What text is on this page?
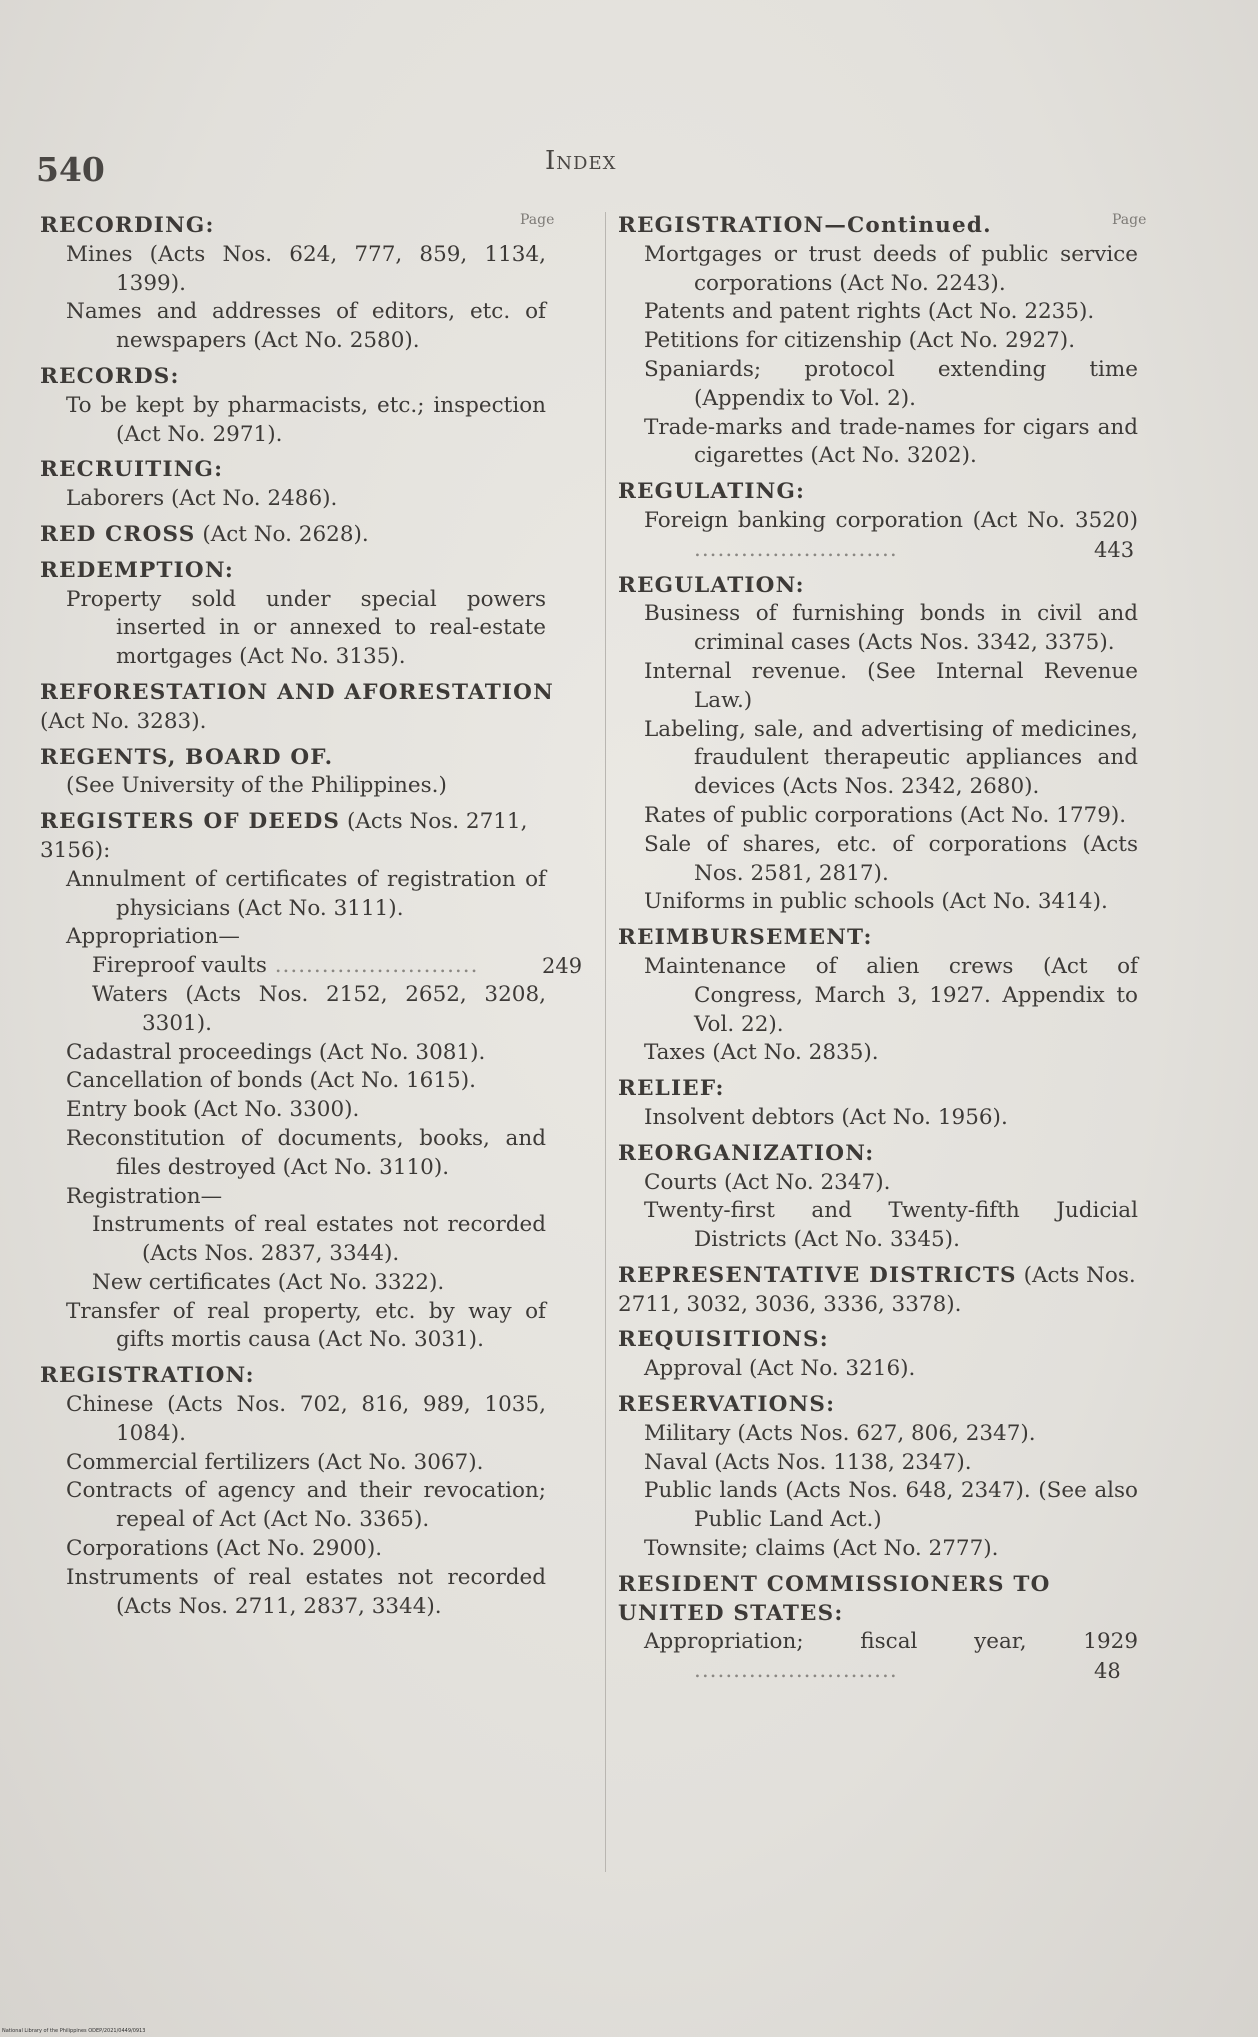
540	Index
Page	Page
RECORDING:
Mines (Acts Nos. 624, 777, 859, 1134, 1399).
Names and addresses of editors, etc. of newspapers (Act No. 2580).
RECORDS:
To be kept by pharmacists, etc.; inspection (Act No. 2971).
RECRUITING:
Laborers (Act No. 2486).
RED CROSS (Act No. 2628).
REDEMPTION:
Property sold under special powers inserted in or annexed to real-estate mortgages (Act No. 3135).
REFORESTATION AND AFORESTATION (Act No. 3283).
REGENTS, BOARD OF.
(See University of the Philippines.)
REGISTERS OF DEEDS (Acts Nos. 2711, 3156):
Annulment of certificates of registration of physicians (Act No. 3111).
Appropriation—
Fireproof vaults ..........................	249
Waters (Acts Nos. 2152, 2652, 3208, 3301).
Cadastral proceedings (Act No. 3081).
Cancellation of bonds (Act No. 1615).
Entry book (Act No. 3300).
Reconstitution of documents, books, and files destroyed (Act No. 3110).
Registration—
Instruments of real estates not recorded (Acts Nos. 2837, 3344).
New certificates (Act No. 3322).
Transfer of real property, etc. by way of gifts mortis causa (Act No. 3031).
REGISTRATION:
Chinese (Acts Nos. 702, 816, 989, 1035, 1084).
Commercial fertilizers (Act No. 3067).
Contracts of agency and their revocation; repeal of Act (Act No. 3365).
Corporations (Act No. 2900).
Instruments of real estates not recorded (Acts Nos. 2711, 2837, 3344).
REGISTRATION—Continued.
Mortgages or trust deeds of public service corporations (Act No. 2243).
Patents and patent rights (Act No. 2235).
Petitions for citizenship (Act No. 2927).
Spaniards; protocol extending time (Appendix to Vol. 2).
Trade-marks and trade-names for cigars and cigarettes (Act No. 3202).
REGULATING:
Foreign banking corporation (Act No. 3520) ..........................	443
REGULATION:
Business of furnishing bonds in civil and criminal cases (Acts Nos. 3342, 3375).
Internal revenue. (See Internal Revenue Law.)
Labeling, sale, and advertising of medicines, fraudulent therapeutic appliances and devices (Acts Nos. 2342, 2680).
Rates of public corporations (Act No. 1779).
Sale of shares, etc. of corporations (Acts Nos. 2581, 2817).
Uniforms in public schools (Act No. 3414).
REIMBURSEMENT:
Maintenance of alien crews (Act of Congress, March 3, 1927. Appendix to Vol. 22).
Taxes (Act No. 2835).
RELIEF:
Insolvent debtors (Act No. 1956).
REORGANIZATION:
Courts (Act No. 2347).
Twenty-first and Twenty-fifth Judicial Districts (Act No. 3345).
REPRESENTATIVE DISTRICTS (Acts Nos. 2711, 3032, 3036, 3336, 3378).
REQUISITIONS:
Approval (Act No. 3216).
RESERVATIONS:
Military (Acts Nos. 627, 806, 2347).
Naval (Acts Nos. 1138, 2347).
Public lands (Acts Nos. 648, 2347). (See also Public Land Act.)
Townsite; claims (Act No. 2777).
RESIDENT COMMISSIONERS TO UNITED STATES:
Appropriation; fiscal year, 1929 ..........................	48
National Library of the Philippines ODEP/2021/0449/0913
